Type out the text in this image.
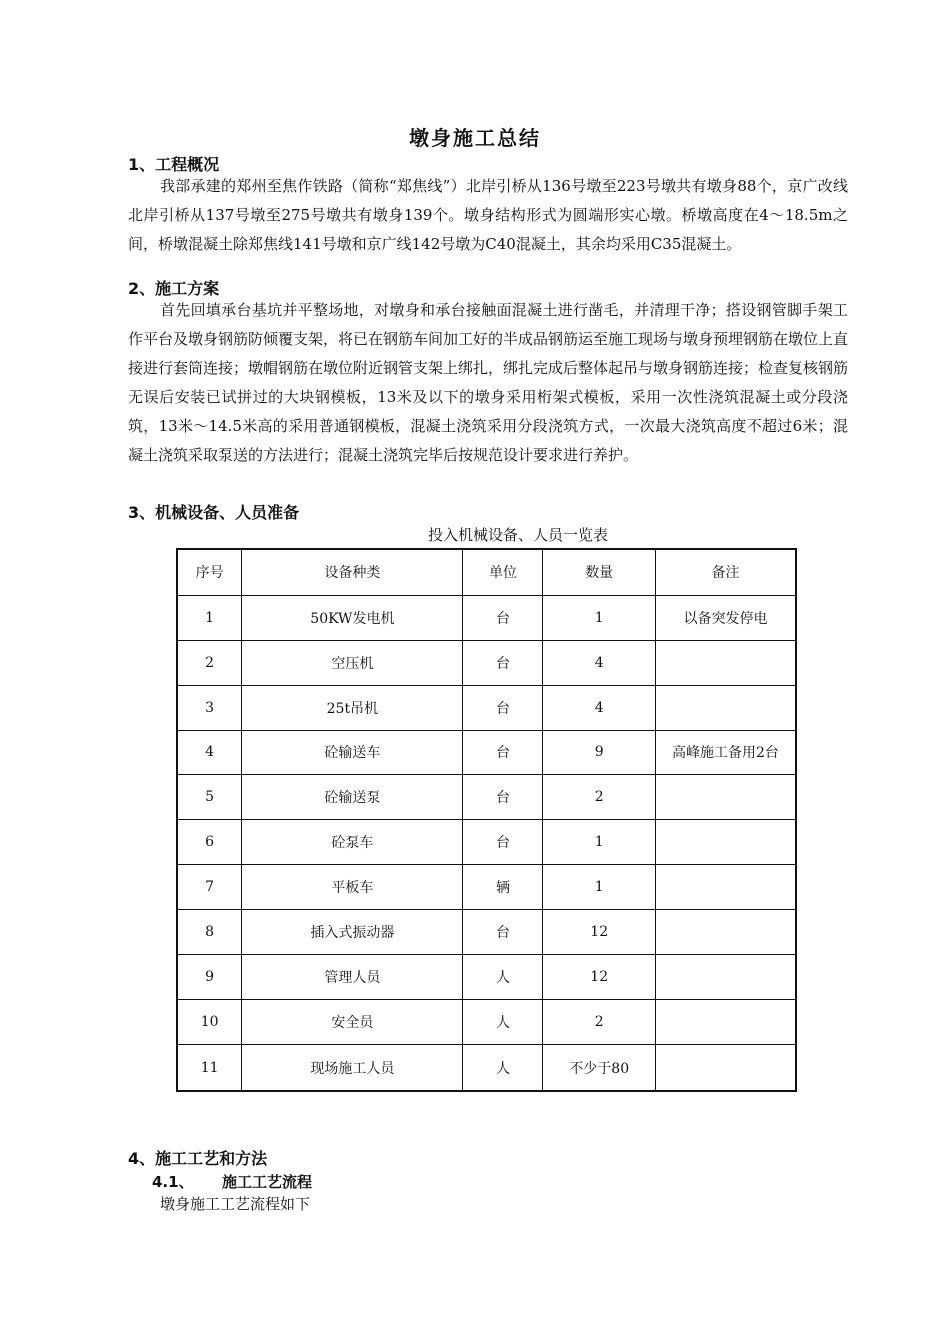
墩身施工总结
1、工程概况
我部承建的郑州至焦作铁路（简称“郑焦线”）北岸引桥从136号墩至223号墩共有墩身88个，京广改线北岸引桥从137号墩至275号墩共有墩身139个。墩身结构形式为圆端形实心墩。桥墩高度在4～18.5m之间，桥墩混凝土除郑焦线141号墩和京广线142号墩为C40混凝土，其余均采用C35混凝土。
2、施工方案
首先回填承台基坑并平整场地，对墩身和承台接触面混凝土进行凿毛，并清理干净；搭设钢管脚手架工作平台及墩身钢筋防倾覆支架，将已在钢筋车间加工好的半成品钢筋运至施工现场与墩身预埋钢筋在墩位上直接进行套筒连接；墩帽钢筋在墩位附近钢管支架上绑扎，绑扎完成后整体起吊与墩身钢筋连接；检查复核钢筋无误后安装已试拼过的大块钢模板，13米及以下的墩身采用桁架式模板，采用一次性浇筑混凝土或分段浇筑，13米～14.5米高的采用普通钢模板，混凝土浇筑采用分段浇筑方式，一次最大浇筑高度不超过6米；混凝土浇筑采取泵送的方法进行；混凝土浇筑完毕后按规范设计要求进行养护。
3、机械设备、人员准备
投入机械设备、人员一览表
序号	设备种类	单位	数量	备注
1	50KW发电机	台	1	以备突发停电
2	空压机	台	4	
3	25t吊机	台	4	
4	砼输送车	台	9	高峰施工备用2台
5	砼输送泵	台	2	
6	砼泵车	台	1	
7	平板车	辆	1	
8	插入式振动器	台	12	
9	管理人员	人	12	
10	安全员	人	2	
11	现场施工人员	人	不少于80	
4、施工工艺和方法
4.1、 施工工艺流程
墩身施工工艺流程如下
